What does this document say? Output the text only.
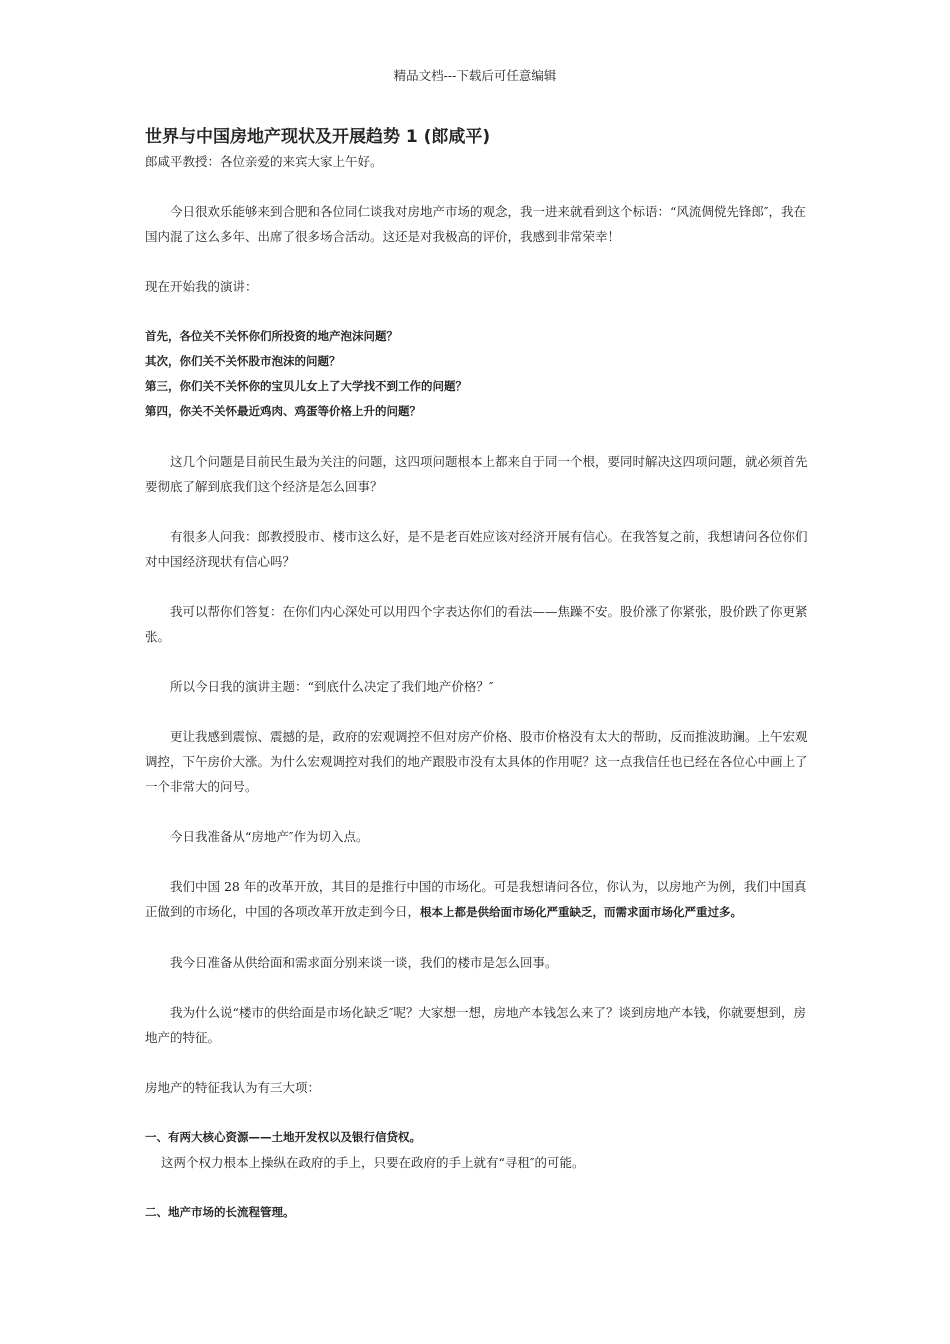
精品文档---下载后可任意编辑
世界与中国房地产现状及开展趋势 1 (郎咸平)

郎咸平教授：各位亲爱的来宾大家上午好。

今日很欢乐能够来到合肥和各位同仁谈我对房地产市场的观念，我一进来就看到这个标语：“风流倜傥先锋郎″，我在国内混了这么多年、出席了很多场合活动。这还是对我极高的评价，我感到非常荣幸！

现在开始我的演讲：

首先，各位关不关怀你们所投资的地产泡沫问题？

其次，你们关不关怀股市泡沫的问题？

第三，你们关不关怀你的宝贝儿女上了大学找不到工作的问题？

第四，你关不关怀最近鸡肉、鸡蛋等价格上升的问题？

这几个问题是目前民生最为关注的问题，这四项问题根本上都来自于同一个根，要同时解决这四项问题，就必须首先要彻底了解到底我们这个经济是怎么回事？

有很多人问我：郎教授股市、楼市这么好，是不是老百姓应该对经济开展有信心。在我答复之前，我想请问各位你们对中国经济现状有信心吗？

我可以帮你们答复：在你们内心深处可以用四个字表达你们的看法——焦躁不安。股价涨了你紧张，股价跌了你更紧张。

所以今日我的演讲主题：“到底什么决定了我们地产价格？″

更让我感到震惊、震撼的是，政府的宏观调控不但对房产价格、股市价格没有太大的帮助，反而推波助澜。上午宏观调控，下午房价大涨。为什么宏观调控对我们的地产跟股市没有太具体的作用呢？这一点我信任也已经在各位心中画上了一个非常大的问号。

今日我准备从“房地产″作为切入点。

我们中国 28 年的改革开放，其目的是推行中国的市场化。可是我想请问各位，你认为，以房地产为例，我们中国真正做到的市场化，中国的各项改革开放走到今日，根本上都是供给面市场化严重缺乏，而需求面市场化严重过多。

我今日准备从供给面和需求面分别来谈一谈，我们的楼市是怎么回事。

我为什么说“楼市的供给面是市场化缺乏″呢？大家想一想，房地产本钱怎么来了？谈到房地产本钱，你就要想到，房地产的特征。

房地产的特征我认为有三大项：

一、有两大核心资源——土地开发权以及银行信贷权。

这两个权力根本上操纵在政府的手上，只要在政府的手上就有“寻租″的可能。

二、地产市场的长流程管理。
